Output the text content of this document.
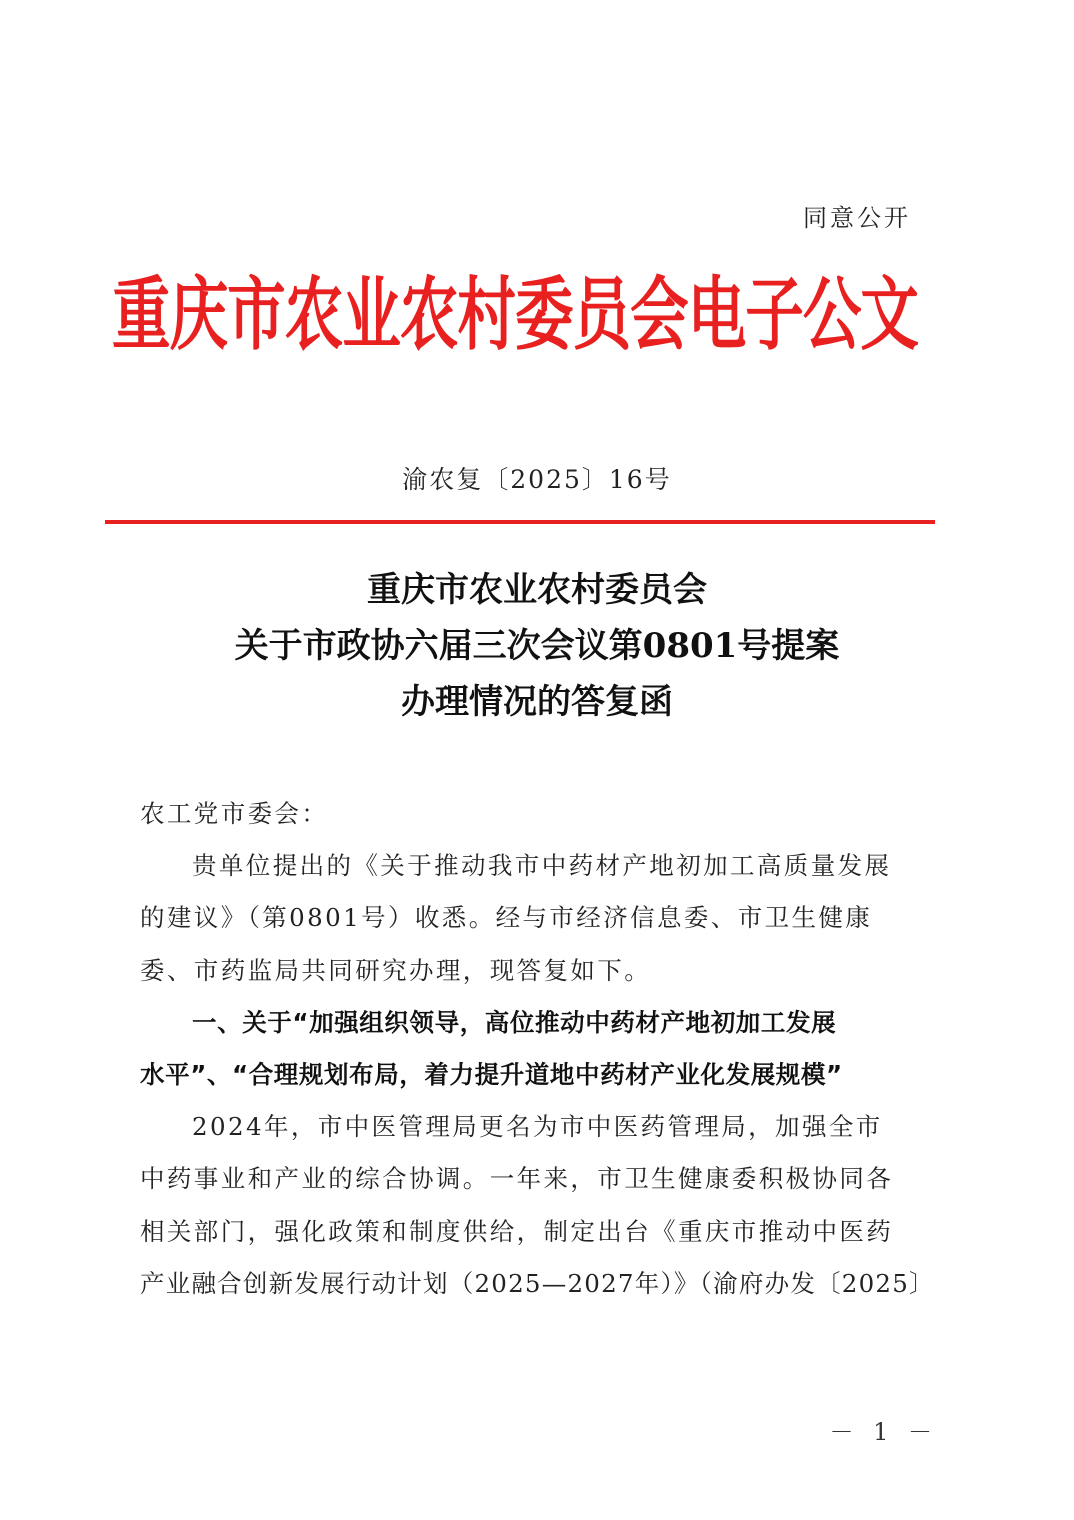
同意公开
重庆市农业农村委员会电子公文
渝农复〔2025〕16号
重庆市农业农村委员会
关于市政协六届三次会议第0801号提案
办理情况的答复函
农工党市委会：
贵单位提出的《关于推动我市中药材产地初加工高质量发展
的建议》（第0801号）收悉。经与市经济信息委、市卫生健康
委、市药监局共同研究办理，现答复如下。
一、关于“加强组织领导，高位推动中药材产地初加工发展
水平”、“合理规划布局，着力提升道地中药材产业化发展规模”
2024年，市中医管理局更名为市中医药管理局，加强全市
中药事业和产业的综合协调。一年来，市卫生健康委积极协同各
相关部门，强化政策和制度供给，制定出台《重庆市推动中医药
产业融合创新发展行动计划（2025—2027年）》（渝府办发〔2025〕
－ 1 －
